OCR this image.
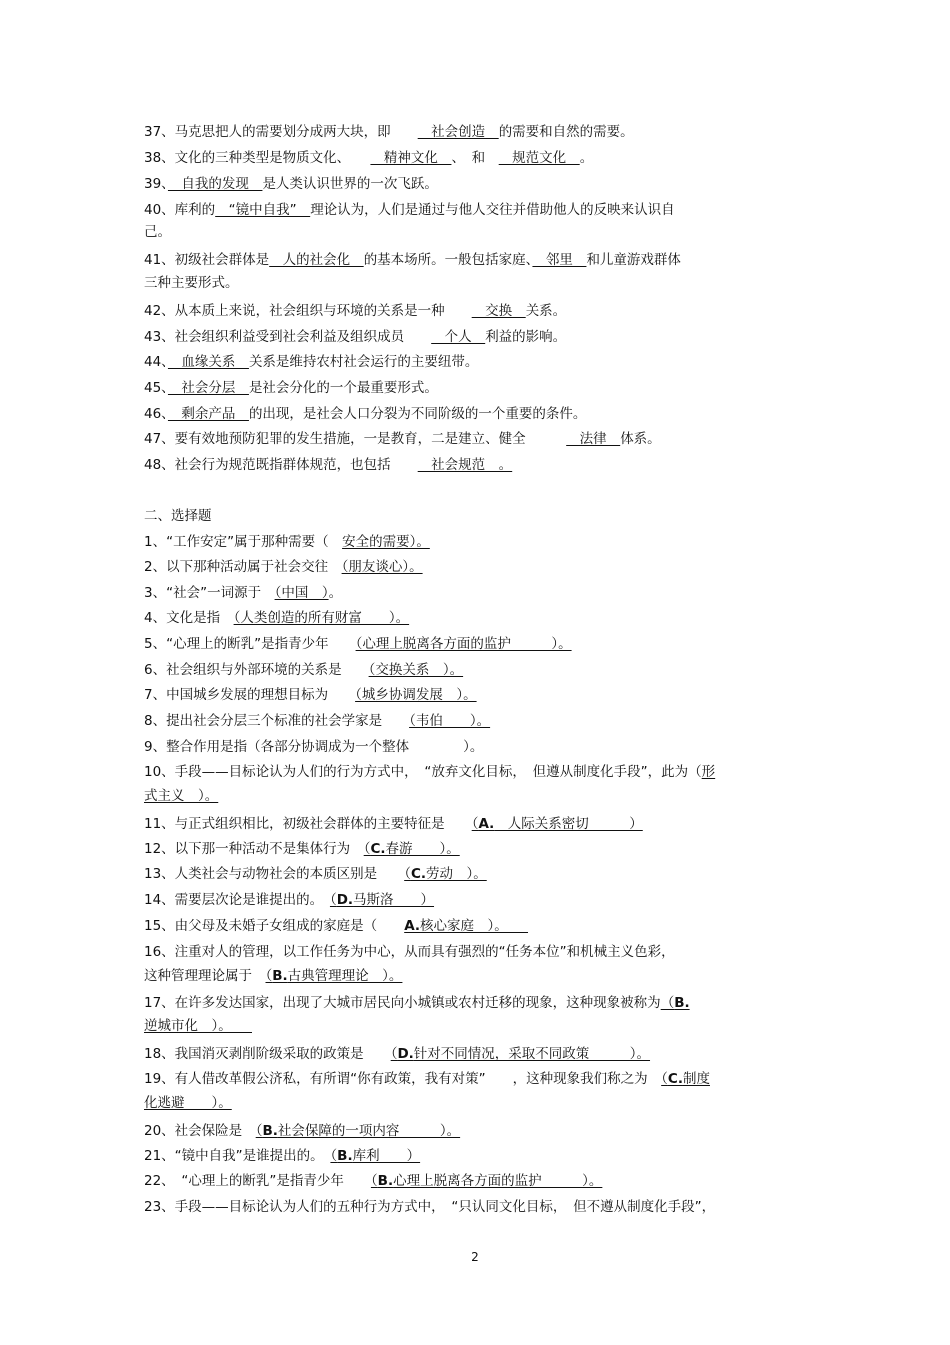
37、马克思把人的需要划分成两大块，即　　　社会创造　的需要和自然的需要。
38、文化的三种类型是物质文化、　　　精神文化　、　和　　规范文化　。
39、　自我的发现　是人类认识世界的一次飞跃。
40、库利的　“镜中自我”　理论认为，人们是通过与他人交往并借助他人的反映来认识自
己。
41、初级社会群体是　人的社会化　的基本场所。一般包括家庭、　邻里　和儿童游戏群体
三种主要形式。
42、从本质上来说，社会组织与环境的关系是一种　　　交换　关系。
43、社会组织利益受到社会利益及组织成员　　　个人　利益的影响。
44、　血缘关系　关系是维持农村社会运行的主要纽带。
45、　社会分层　是社会分化的一个最重要形式。
46、　剩余产品　的出现，是社会人口分裂为不同阶级的一个重要的条件。
47、要有效地预防犯罪的发生措施，一是教育，二是建立、健全　　　　法律　体系。
48、社会行为规范既指群体规范，也包括　　　社会规范　。
二、选择题
1、“工作安定”属于那种需要（　安全的需要）。
2、以下那种活动属于社会交往　（朋友谈心）。
3、“社会”一词源于　（中国　）。
4、文化是指　（人类创造的所有财富　　）。
5、“心理上的断乳”是指青少年　　（心理上脱离各方面的监护　　　）。
6、社会组织与外部环境的关系是　　（交换关系　）。
7、中国城乡发展的理想目标为　　（城乡协调发展　）。
8、提出社会分层三个标准的社会学家是　　（韦伯　　）。
9、整合作用是指（各部分协调成为一个整体　　　　）。
10、手段——目标论认为人们的行为方式中，　“放弃文化目标，　但遵从制度化手段”，此为（形
式主义　）。
11、与正式组织相比，初级社会群体的主要特征是　　（A.　人际关系密切　　　）
12、以下那一种活动不是集体行为　（C.春游　　）。
13、人类社会与动物社会的本质区别是　　（C.劳动　）。
14、需要层次论是谁提出的。　（D.马斯洛　　）
15、由父母及未婚子女组成的家庭是（　　A.核心家庭　）。　　
16、注重对人的管理，以工作任务为中心，从而具有强烈的“任务本位”和机械主义色彩，
这种管理理论属于　（B.古典管理理论　）。
17、在许多发达国家，出现了大城市居民向小城镇或农村迁移的现象，这种现象被称为（B.
逆城市化　）。　　
18、我国消灭剥削阶级采取的政策是　　（D.针对不同情况，采取不同政策　　　）。
19、有人借改革假公济私，有所谓“你有政策，我有对策”　　，这种现象我们称之为　（C.制度
化逃避　　）。
20、社会保险是　（B.社会保障的一项内容　　　）。
21、“镜中自我”是谁提出的。　（B.库利　　）
22、　“心理上的断乳”是指青少年　　（B.心理上脱离各方面的监护　　　）。
23、手段——目标论认为人们的五种行为方式中，　“只认同文化目标，　但不遵从制度化手段”，
2
